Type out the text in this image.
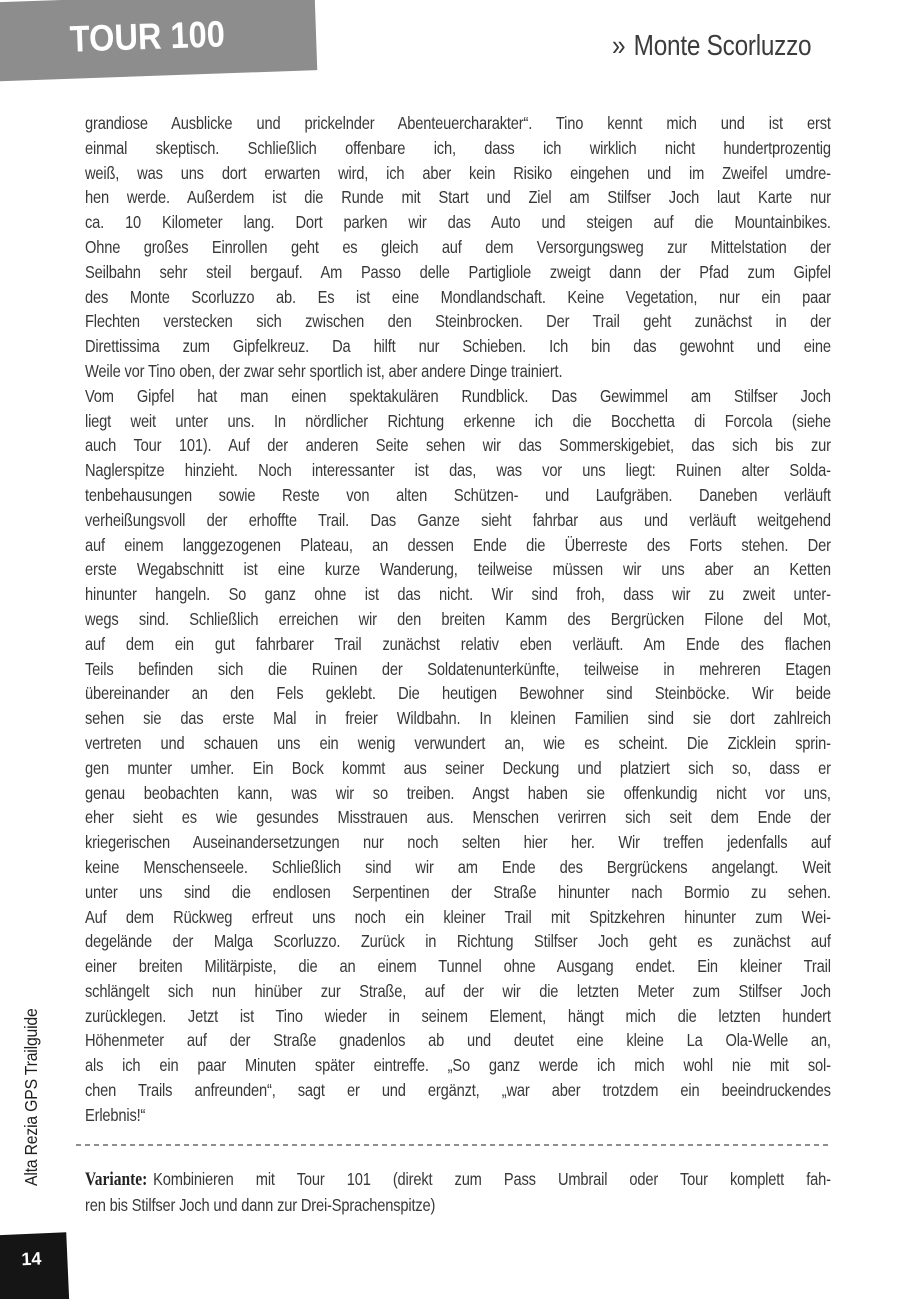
TOUR 100	» Monte Scorluzzo
grandiose Ausblicke und prickelnder Abenteuercharakter“. Tino kennt mich und ist erst
einmal skeptisch. Schließlich offenbare ich, dass ich wirklich nicht hundertprozentig
weiß, was uns dort erwarten wird, ich aber kein Risiko eingehen und im Zweifel umdre-
hen werde. Außerdem ist die Runde mit Start und Ziel am Stilfser Joch laut Karte nur
ca. 10 Kilometer lang. Dort parken wir das Auto und steigen auf die Mountainbikes.
Ohne großes Einrollen geht es gleich auf dem Versorgungsweg zur Mittelstation der
Seilbahn sehr steil bergauf. Am Passo delle Partigliole zweigt dann der Pfad zum Gipfel
des Monte Scorluzzo ab. Es ist eine Mondlandschaft. Keine Vegetation, nur ein paar
Flechten verstecken sich zwischen den Steinbrocken. Der Trail geht zunächst in der
Direttissima zum Gipfelkreuz. Da hilft nur Schieben. Ich bin das gewohnt und eine
Weile vor Tino oben, der zwar sehr sportlich ist, aber andere Dinge trainiert.
Vom Gipfel hat man einen spektakulären Rundblick. Das Gewimmel am Stilfser Joch
liegt weit unter uns. In nördlicher Richtung erkenne ich die Bocchetta di Forcola (siehe
auch Tour 101). Auf der anderen Seite sehen wir das Sommerskigebiet, das sich bis zur
Naglerspitze hinzieht. Noch interessanter ist das, was vor uns liegt: Ruinen alter Solda-
tenbehausungen sowie Reste von alten Schützen- und Laufgräben. Daneben verläuft
verheißungsvoll der erhoffte Trail. Das Ganze sieht fahrbar aus und verläuft weitgehend
auf einem langgezogenen Plateau, an dessen Ende die Überreste des Forts stehen. Der
erste Wegabschnitt ist eine kurze Wanderung, teilweise müssen wir uns aber an Ketten
hinunter hangeln. So ganz ohne ist das nicht. Wir sind froh, dass wir zu zweit unter-
wegs sind. Schließlich erreichen wir den breiten Kamm des Bergrücken Filone del Mot,
auf dem ein gut fahrbarer Trail zunächst relativ eben verläuft. Am Ende des flachen
Teils befinden sich die Ruinen der Soldatenunterkünfte, teilweise in mehreren Etagen
übereinander an den Fels geklebt. Die heutigen Bewohner sind Steinböcke. Wir beide
sehen sie das erste Mal in freier Wildbahn. In kleinen Familien sind sie dort zahlreich
vertreten und schauen uns ein wenig verwundert an, wie es scheint. Die Zicklein sprin-
gen munter umher. Ein Bock kommt aus seiner Deckung und platziert sich so, dass er
genau beobachten kann, was wir so treiben. Angst haben sie offenkundig nicht vor uns,
eher sieht es wie gesundes Misstrauen aus. Menschen verirren sich seit dem Ende der
kriegerischen Auseinandersetzungen nur noch selten hier her. Wir treffen jedenfalls auf
keine Menschenseele. Schließlich sind wir am Ende des Bergrückens angelangt. Weit
unter uns sind die endlosen Serpentinen der Straße hinunter nach Bormio zu sehen.
Auf dem Rückweg erfreut uns noch ein kleiner Trail mit Spitzkehren hinunter zum Wei-
degelände der Malga Scorluzzo. Zurück in Richtung Stilfser Joch geht es zunächst auf
einer breiten Militärpiste, die an einem Tunnel ohne Ausgang endet. Ein kleiner Trail
schlängelt sich nun hinüber zur Straße, auf der wir die letzten Meter zum Stilfser Joch
zurücklegen. Jetzt ist Tino wieder in seinem Element, hängt mich die letzten hundert
Höhenmeter auf der Straße gnadenlos ab und deutet eine kleine La Ola-Welle an,
als ich ein paar Minuten später eintreffe. „So ganz werde ich mich wohl nie mit sol-
chen Trails anfreunden“, sagt er und ergänzt, „war aber trotzdem ein beeindruckendes
Erlebnis!“
Variante: Kombinieren mit Tour 101 (direkt zum Pass Umbrail oder Tour komplett fah-
ren bis Stilfser Joch und dann zur Drei-Sprachenspitze)
Alta Rezia GPS Trailguide
14
